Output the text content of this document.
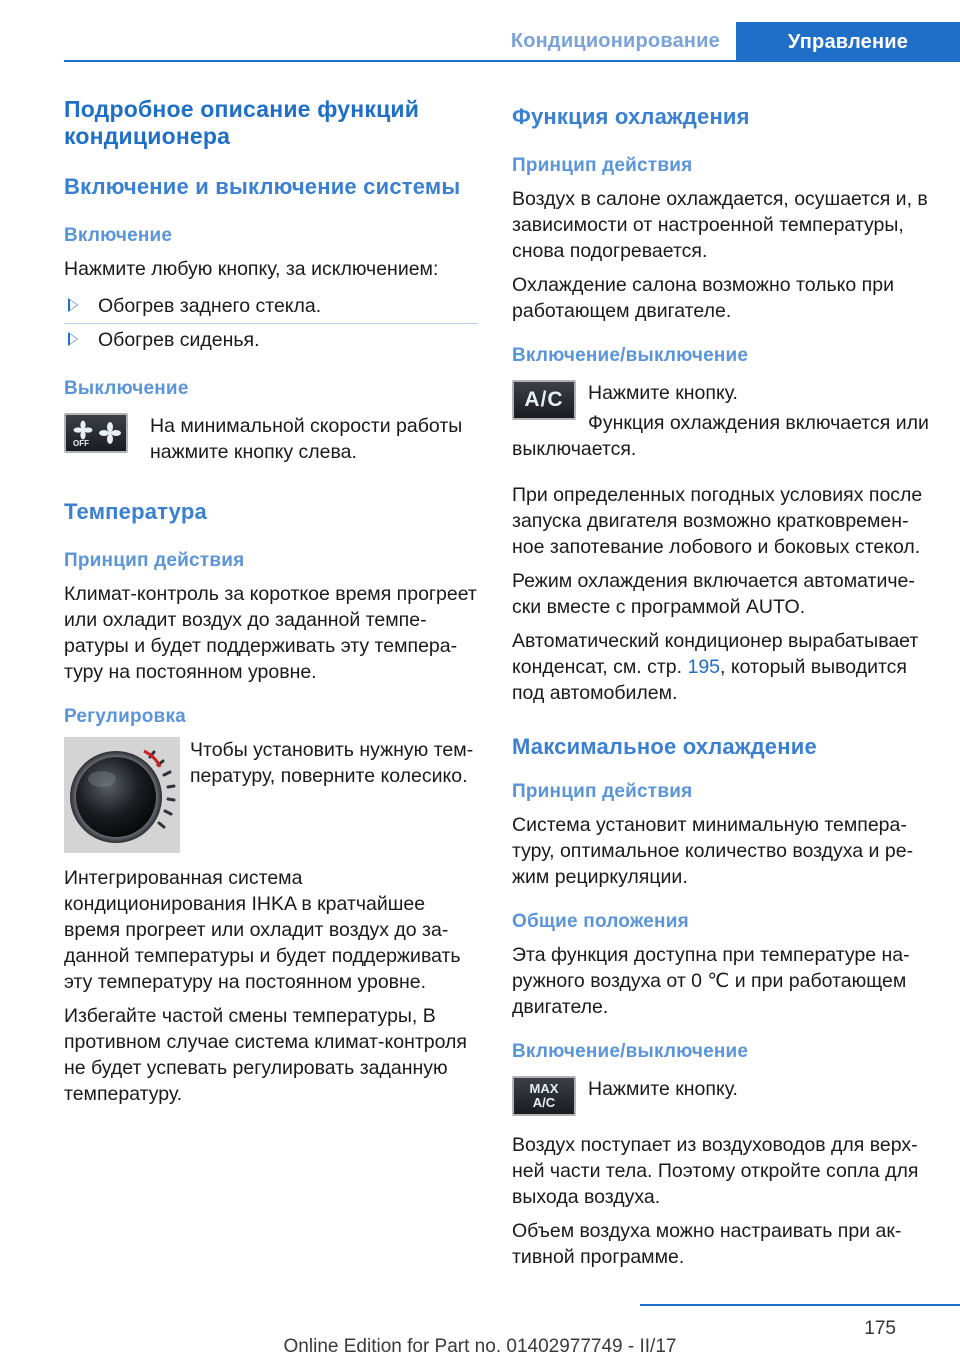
Кондиционирование	Управление
Подробное описание функций кондиционера
Включение и выключение системы
Включение

Нажмите любую кнопку, за исключением:

Обогрев заднего стекла.
Обогрев сиденья.
Выключение
OFF

На минимальной скорости работы нажмите кнопку слева.

Температура
Принцип действия

Климат-контроль за короткое время прогреет или охладит воздух до заданной температуры и будет поддерживать эту температуру на постоянном уровне.

Регулировка

Чтобы установить нужную температуру, поверните колесико.

Интегрированная система кондиционирования IHKA в кратчайшее время прогреет или охладит воздух до заданной температуры и будет поддерживать эту температуру на постоянном уровне.

Избегайте частой смены температуры, В противном случае система климат-контроля не будет успевать регулировать заданную температуру.

Функция охлаждения
Принцип действия

Воздух в салоне охлаждается, осушается и, в зависимости от настроенной температуры, снова подогревается.

Охлаждение салона возможно только при работающем двигателе.

Включение/выключение
A/C	Нажмите кнопку.

Функция охлаждения включается или выключается.

При определенных погодных условиях после запуска двигателя возможно кратковременное запотевание лобового и боковых стекол.

Режим охлаждения включается автоматически вместе с программой AUTO.

Автоматический кондиционер вырабатывает конденсат, см. стр. 195, который выводится под автомобилем.

Максимальное охлаждение
Принцип действия

Система установит минимальную температуру, оптимальное количество воздуха и режим рециркуляции.

Общие положения

Эта функция доступна при температуре наружного воздуха от 0 ℃ и при работающем двигателе.

Включение/выключение
MAX
A/C

Нажмите кнопку.

Воздух поступает из воздуховодов для верхней части тела. Поэтому откройте сопла для выхода воздуха.

Объем воздуха можно настраивать при активной программе.

175
Online Edition for Part no. 01402977749 - II/17
